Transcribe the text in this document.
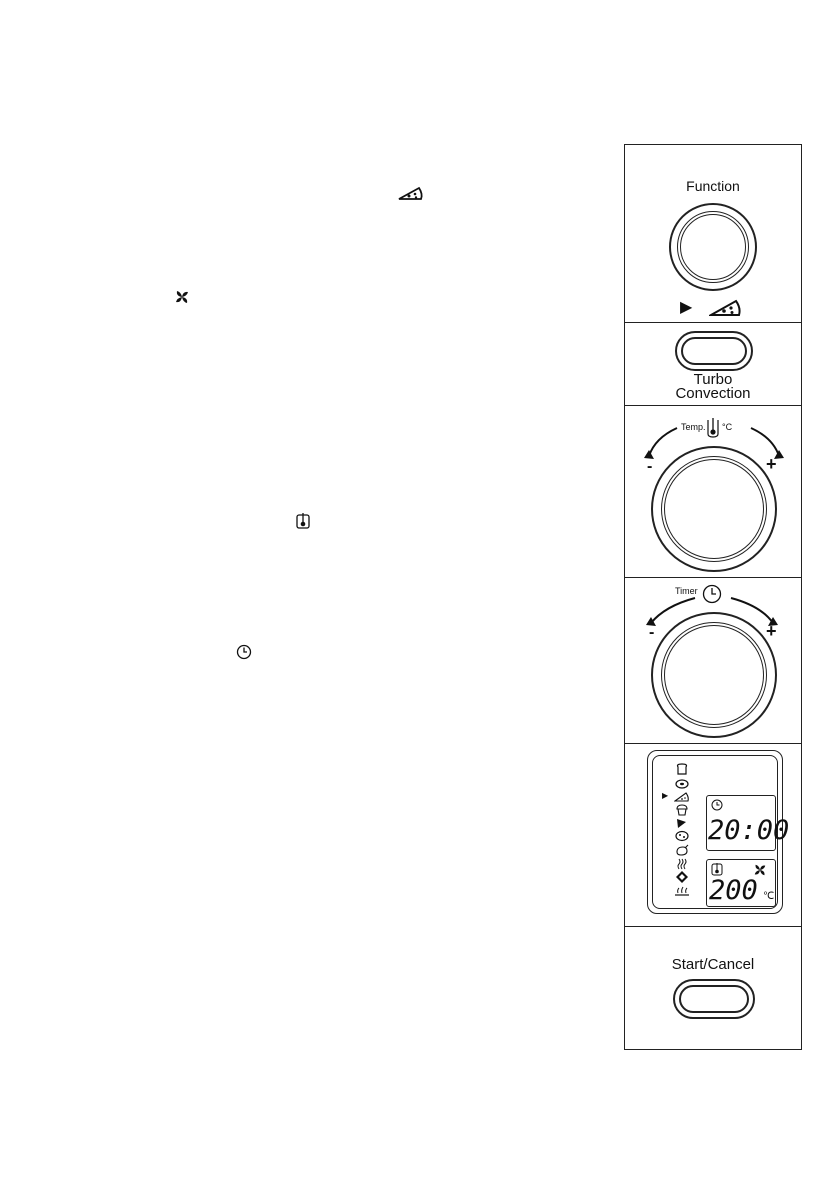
Function
▶
Turbo
Convection
Temp. °C
-	+
Timer
-	+
▶
20:00
200 ℃
Start/Cancel
